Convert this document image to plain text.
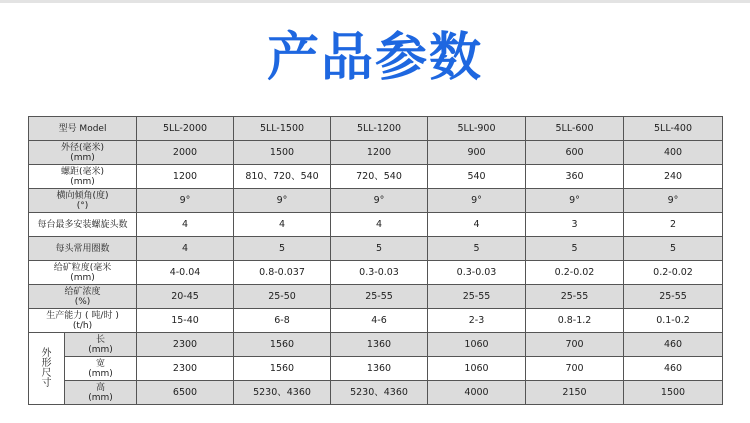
产品参数
型号 Model		5LL-2000	5LL-1500	5LL-1200	5LL-900	5LL-600	5LL-400
外径(毫米)
(mm)		2000	1500	1200	900	600	400
螺距(毫米)
(mm)		1200	810、720、540	720、540	540	360	240
横向倾角(度)
(°)		9°	9°	9°	9°	9°	9°
每台最多安装螺旋头数		4	4	4	4	3	2
每头常用圈数		4	5	5	5	5	5
给矿粒度(毫米
(mm)		4-0.04	0.8-0.037	0.3-0.03	0.3-0.03	0.2-0.02	0.2-0.02
给矿浓度
(%)		20-45	25-50	25-55	25-55	25-55	25-55
生产能力 ( 吨/时 )
(t/h)		15-40	6-8	4-6	2-3	0.8-1.2	0.1-0.2

外形尺寸	长
(mm)	2300	1560	1360	1060	700	460
	宽
(mm)	2300	1560	1360	1060	700	460
	高
(mm)	6500	5230、4360	5230、4360	4000	2150	1500
